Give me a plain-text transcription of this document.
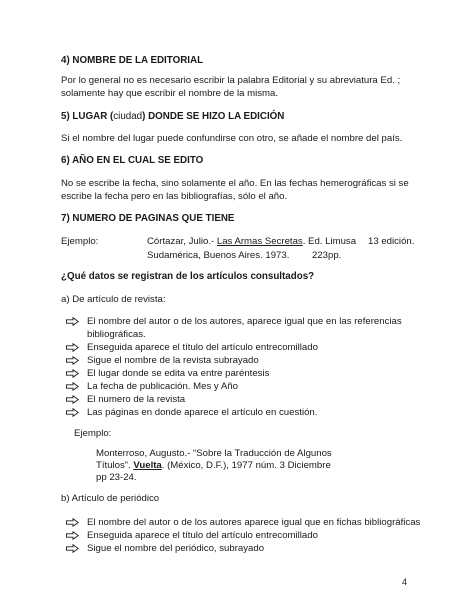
4) NOMBRE DE LA EDITORIAL
Por lo general no es necesario escribir la palabra Editorial y su abreviatura Ed. ; solamente hay que escribir el nombre de la misma.
5) LUGAR (ciudad) DONDE SE HIZO LA EDICIÓN
Si el nombre del lugar puede confundirse con otro, se añade el nombre del país.
6) AÑO EN EL CUAL SE EDITO
No se escribe la fecha, sino solamente el año. En las fechas hemerográficas si se escribe la fecha pero en las bibliografías, sólo el año.
7) NUMERO DE PAGINAS QUE TIENE
Ejemplo:	Córtazar, Julio.- Las Armas Secretas. Ed. Limusa 13 edición.
Sudamérica, Buenos Aires. 1973. 223pp.
¿Qué datos se registran de los artículos consultados?
a) De artículo de revista:
El nombre del autor o de los autores, aparece igual que en las referencias
bibliográficas.
Enseguida aparece el título del artículo entrecomillado
Sigue el nombre de la revista subrayado
El lugar donde se edita va entre paréntesis
La fecha de publicación. Mes y Año
El numero de la revista
Las páginas en donde aparece el artículo en cuestión.
Ejemplo:
Monterroso, Augusto.- “Sobre la Traducción de Algunos
Títulos”. Vuelta. (México, D.F.), 1977 núm. 3 Diciembre
pp 23-24.
b) Artículo de periódico
El nombre del autor o de los autores aparece igual que en fichas bibliográficas
Enseguida aparece el título del artículo entrecomillado
Sigue el nombre del periódico, subrayado
4
